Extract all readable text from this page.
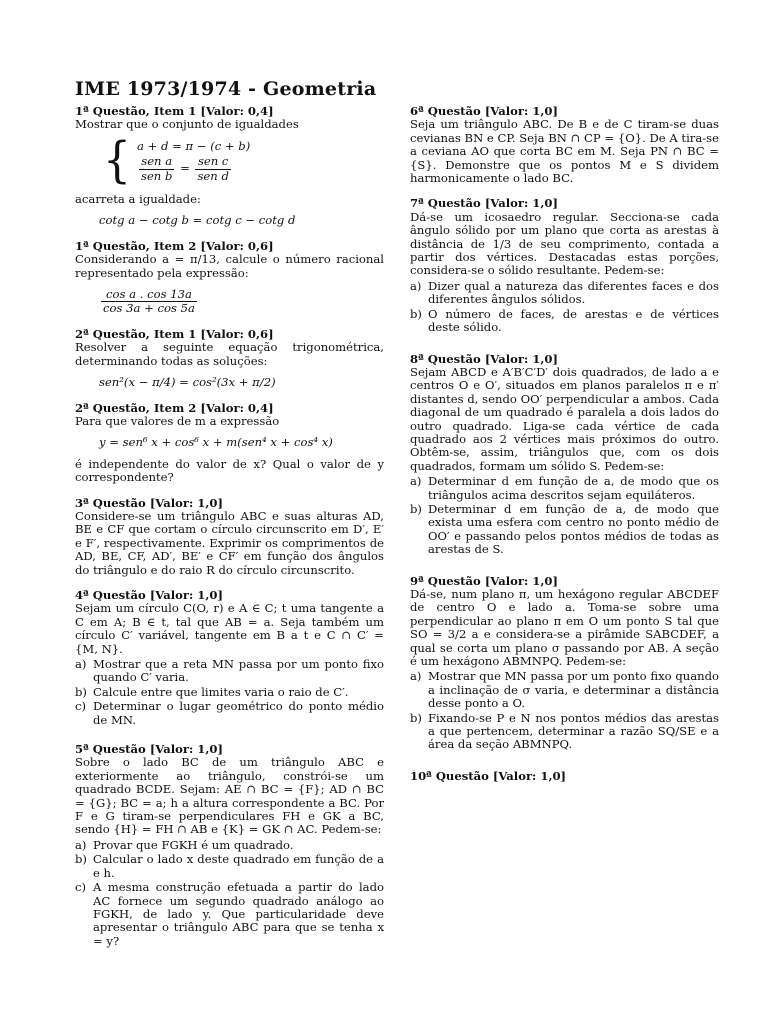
IME 1973/1974 - Geometria
1ª Questão, Item 1 [Valor: 0,4]
Mostrar que o conjunto de igualdades
{ a + d = π − (c + b)
$\frac{\text{sen a}}{\text{sen b}} = \frac{\text{sen c}}{\text{sen d}}$
acarreta a igualdade:
cotg a − cotg b = cotg c − cotg d
1ª Questão, Item 2 [Valor: 0,6]
Considerando a = π/13, calcule o número racional representado pela expressão:
$\frac{\text{cos a . cos 13a}}{\cos 3a + \cos 5a}$
2ª Questão, Item 1 [Valor: 0,6]
Resolver a seguinte equação trigonométrica, determinando todas as soluções:
sen²(x − π/4) = cos²(3x + π/2)
2ª Questão, Item 2 [Valor: 0,4]
Para que valores de m a expressão
y = sen⁶ x + cos⁶ x + m(sen⁴ x + cos⁴ x)
é independente do valor de x? Qual o valor de y correspondente?
3ª Questão [Valor: 1,0]
Considere-se um triângulo ABC e suas alturas AD, BE e CF que cortam o círculo circunscrito em D′, E′ e F′, respectivamente. Exprimir os comprimentos de AD, BE, CF, AD′, BE′ e CF′ em função dos ângulos do triângulo e do raio R do círculo circunscrito.
4ª Questão [Valor: 1,0]
Sejam um círculo C(O, r) e A ∈ C; t uma tangente a C em A; B ∈ t, tal que AB = a. Seja também um círculo C′ variável, tangente em B a t e C ∩ C′ = {M, N}.
a) Mostrar que a reta MN passa por um ponto fixo quando C′ varia.
b) Calcule entre que limites varia o raio de C′.
c) Determinar o lugar geométrico do ponto médio de MN.
5ª Questão [Valor: 1,0]
Sobre o lado BC de um triângulo ABC e exteriormente ao triângulo, constrói-se um quadrado BCDE. Sejam: AE ∩ BC = {F}; AD ∩ BC = {G}; BC = a; h a altura correspondente a BC. Por F e G tiram-se perpendiculares FH e GK a BC, sendo {H} = FH ∩ AB e {K} = GK ∩ AC. Pedem-se:
a) Provar que FGKH é um quadrado.
b) Calcular o lado x deste quadrado em função de a e h.
c) A mesma construção efetuada a partir do lado AC fornece um segundo quadrado análogo ao FGKH, de lado y. Que particularidade deve apresentar o triângulo ABC para que se tenha x = y?
6ª Questão [Valor: 1,0]
Seja um triângulo ABC. De B e de C tiram-se duas cevianas BN e CP. Seja BN ∩ CP = {O}. De A tira-se a ceviana AO que corta BC em M. Seja PN ∩ BC = {S}. Demonstre que os pontos M e S dividem harmonicamente o lado BC.
7ª Questão [Valor: 1,0]
Dá-se um icosaedro regular. Seccionа-se cada ângulo sólido por um plano que corta as arestas à distância de 1/3 de seu comprimento, contada a partir dos vértices. Destacadas estas porções, considera-se o sólido resultante. Pedem-se:
a) Dizer qual a natureza das diferentes faces e dos diferentes ângulos sólidos.
b) O número de faces, de arestas e de vértices deste sólido.
8ª Questão [Valor: 1,0]
Sejam ABCD e A′B′C′D′ dois quadrados, de lado a e centros O e O′, situados em planos paralelos π e π′ distantes d, sendo OO′ perpendicular a ambos. Cada diagonal de um quadrado é paralela a dois lados do outro quadrado. Liga-se cada vértice de cada quadrado aos 2 vértices mais próximos do outro. Obtêm-se, assim, triângulos que, com os dois quadrados, formam um sólido S. Pedem-se:
a) Determinar d em função de a, de modo que os triângulos acima descritos sejam equiláteros.
b) Determinar d em função de a, de modo que exista uma esfera com centro no ponto médio de OO′ e passando pelos pontos médios de todas as arestas de S.
9ª Questão [Valor: 1,0]
Dá-se, num plano π, um hexágono regular ABCDEF de centro O e lado a. Toma-se sobre uma perpendicular ao plano π em O um ponto S tal que SO = 3/2 a e considera-se a pirâmide SABCDEF, a qual se corta um plano σ passando por AB. A seção é um hexágono ABMNPQ. Pedem-se:
a) Mostrar que MN passa por um ponto fixo quando a inclinação de σ varia, e determinar a distância desse ponto a O.
b) Fixando-se P e N nos pontos médios das arestas a que pertencem, determinar a razão SQ/SE e a área da seção ABMNPQ.
10ª Questão [Valor: 1,0]
